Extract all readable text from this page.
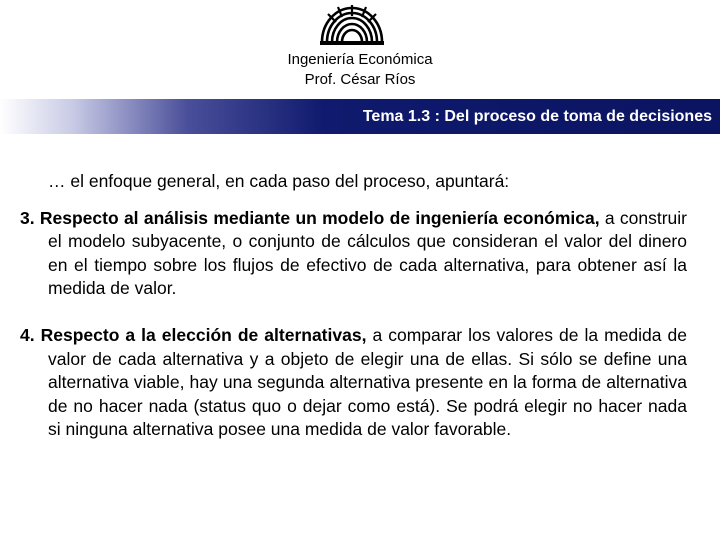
Ingeniería Económica
Prof. César Ríos
Tema 1.3 : Del proceso de toma de decisiones

… el enfoque general, en cada paso del proceso, apuntará:

3. Respecto al análisis mediante un modelo de ingeniería económica, a construir el modelo subyacente, o conjunto de cálculos que consideran el valor del dinero en el tiempo sobre los flujos de efectivo de cada alternativa, para obtener así la medida de valor.

4. Respecto a la elección de alternativas, a comparar los valores de la medida de valor de cada alternativa y a objeto de elegir una de ellas. Si sólo se define una alternativa viable, hay una segunda alternativa presente en la forma de alternativa de no hacer nada (status quo o dejar como está). Se podrá elegir no hacer nada si ninguna alternativa posee una medida de valor favorable.
